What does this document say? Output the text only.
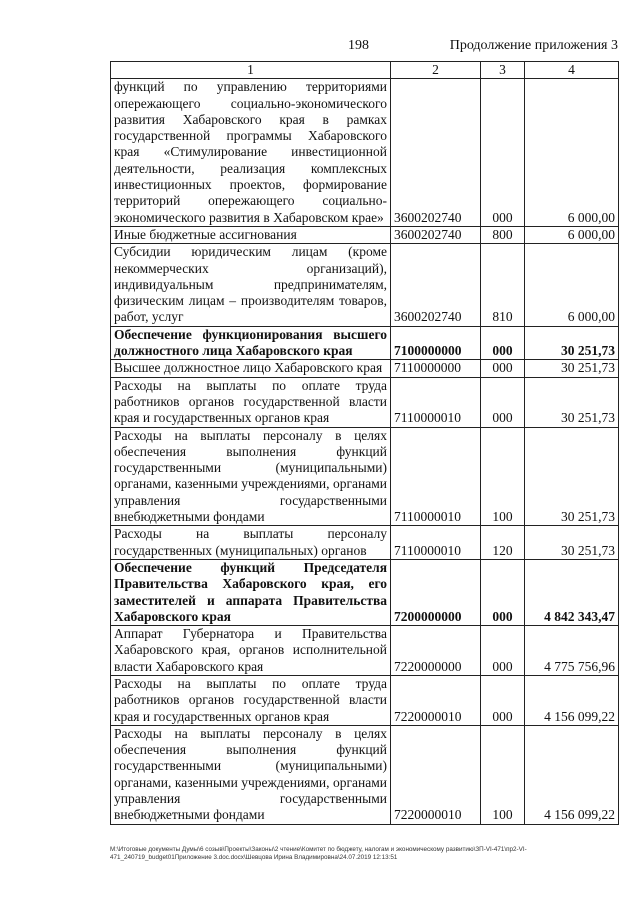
198	Продолжение приложения 3
1	2	3	4
функций по управлению территориями опережающего социально-экономического развития Хабаровского края в рамках государственной программы Хабаровского края «Стимулирование инвестиционной деятельности, реализация комплексных инвестиционных проектов, формирование территорий опережающего социально-экономического развития в Хабаровском крае»	3600202740	000	6 000,00
Иные бюджетные ассигнования	3600202740	800	6 000,00
Субсидии юридическим лицам (кроме некоммерческих организаций), индивидуальным предпринимателям, физическим лицам – производителям товаров, работ, услуг	3600202740	810	6 000,00
Обеспечение функционирования высшего должностного лица Хабаровского края	7100000000	000	30 251,73
Высшее должностное лицо Хабаровского края	7110000000	000	30 251,73
Расходы на выплаты по оплате труда работников органов государственной власти края и государственных органов края	7110000010	000	30 251,73
Расходы на выплаты персоналу в целях обеспечения выполнения функций государственными (муниципальными) органами, казенными учреждениями, органами управления государственными внебюджетными фондами	7110000010	100	30 251,73
Расходы на выплаты персоналу государственных (муниципальных) органов	7110000010	120	30 251,73
Обеспечение функций Председателя Правительства Хабаровского края, его заместителей и аппарата Правительства Хабаровского края	7200000000	000	4 842 343,47
Аппарат Губернатора и Правительства Хабаровского края, органов исполнительной власти Хабаровского края	7220000000	000	4 775 756,96
Расходы на выплаты по оплате труда работников органов государственной власти края и государственных органов края	7220000010	000	4 156 099,22
Расходы на выплаты персоналу в целях обеспечения выполнения функций государственными (муниципальными) органами, казенными учреждениями, органами управления государственными внебюджетными фондами	7220000010	100	4 156 099,22
M:\Итоговые документы Думы\6 созыв\Проекты\Законы\2 чтение\Комитет по бюджету, налогам и экономическому развитию\ЗП-VI-471\пр2-VI-471_240719_budget01Приложение 3.doc.docx\Шевцова Ирина Владимировна\24.07.2019 12:13:51
